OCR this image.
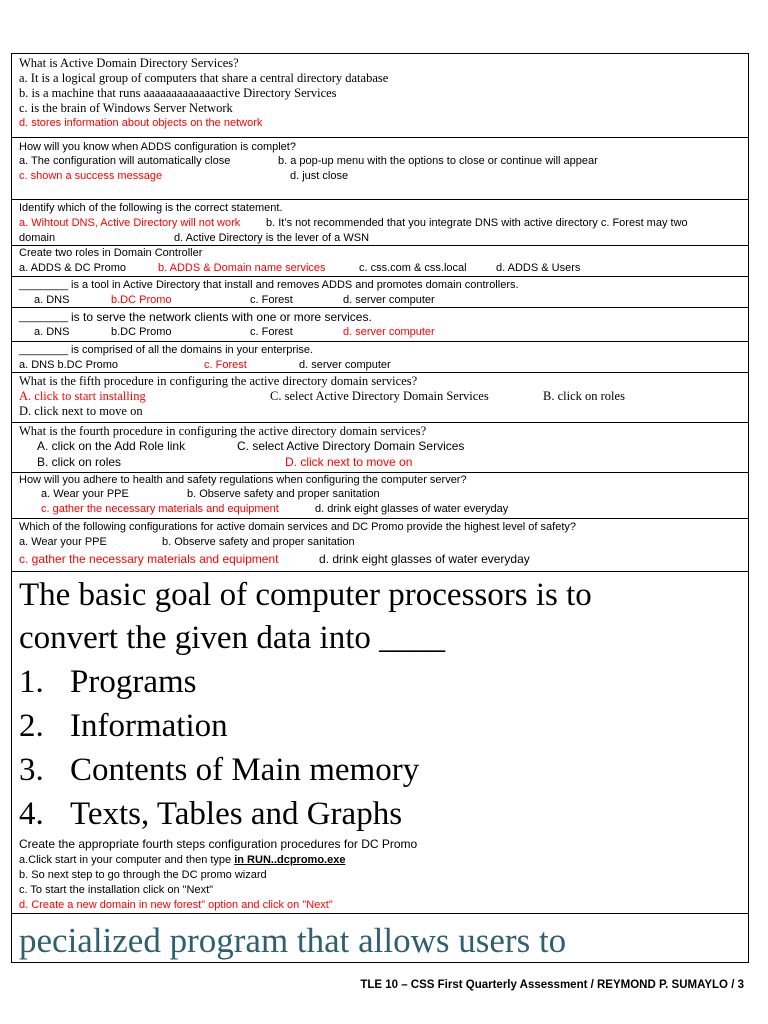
What is Active Domain Directory Services?
a. It is a logical group of computers that share a central directory database
b. is a machine that runs aaaaaaaaaaaaactive Directory Services
c. is the brain of Windows Server Network
d. stores information about objects on the network
How will you know when ADDS configuration is complet?
a. The configuration will automatically close	b. a pop-up menu with the options to close or continue will appear
c. shown a success message	d. just close
Identify which of the following is the correct statement.
a. Wihtout DNS, Active Directory will not work b. It’s not recommended that you integrate DNS with active directory c. Forest may two
domain	d. Active Directory is the lever of a WSN
Create two roles in Domain Controller
a. ADDS & DC Promo	b. ADDS & Domain name services	c. css.com & css.local	d. ADDS & Users
________ is a tool in Active Directory that install and removes ADDS and promotes domain controllers.
a. DNS	b.DC Promo	c. Forest	d. server computer
________ is to serve the network clients with one or more services.
a. DNS	b.DC Promo	c. Forest	d. server computer
________ is comprised of all the domains in your enterprise.
a. DNS b.DC Promo	c. Forest	d. server computer
What is the fifth procedure in configuring the active directory domain services?
A. click to start installing	C. select Active Directory Domain Services	B. click on roles
D. click next to move on
What is the fourth procedure in configuring the active directory domain services?
A. click on the Add Role link	C. select Active Directory Domain Services
B. click on roles	D. click next to move on
How will you adhere to health and safety regulations when configuring the computer server?
a. Wear your PPE	b. Observe safety and proper sanitation
c. gather the necessary materials and equipment	d. drink eight glasses of water everyday
Which of the following configurations for active domain services and DC Promo provide the highest level of safety?
a. Wear your PPE	b. Observe safety and proper sanitation
c. gather the necessary materials and equipment	d. drink eight glasses of water everyday
The basic goal of computer processors is to
convert the given data into ____
1. Programs
2. Information
3. Contents of Main memory
4. Texts, Tables and Graphs
Create the appropriate fourth steps configuration procedures for DC Promo
a.Click start in your computer and then type in RUN..dcpromo.exe
b. So next step to go through the DC promo wizard
c. To start the installation click on "Next"
d. Create a new domain in new forest" option and click on "Next"
pecialized program that allows users to
TLE 10 – CSS First Quarterly Assessment / REYMOND P. SUMAYLO / 3
